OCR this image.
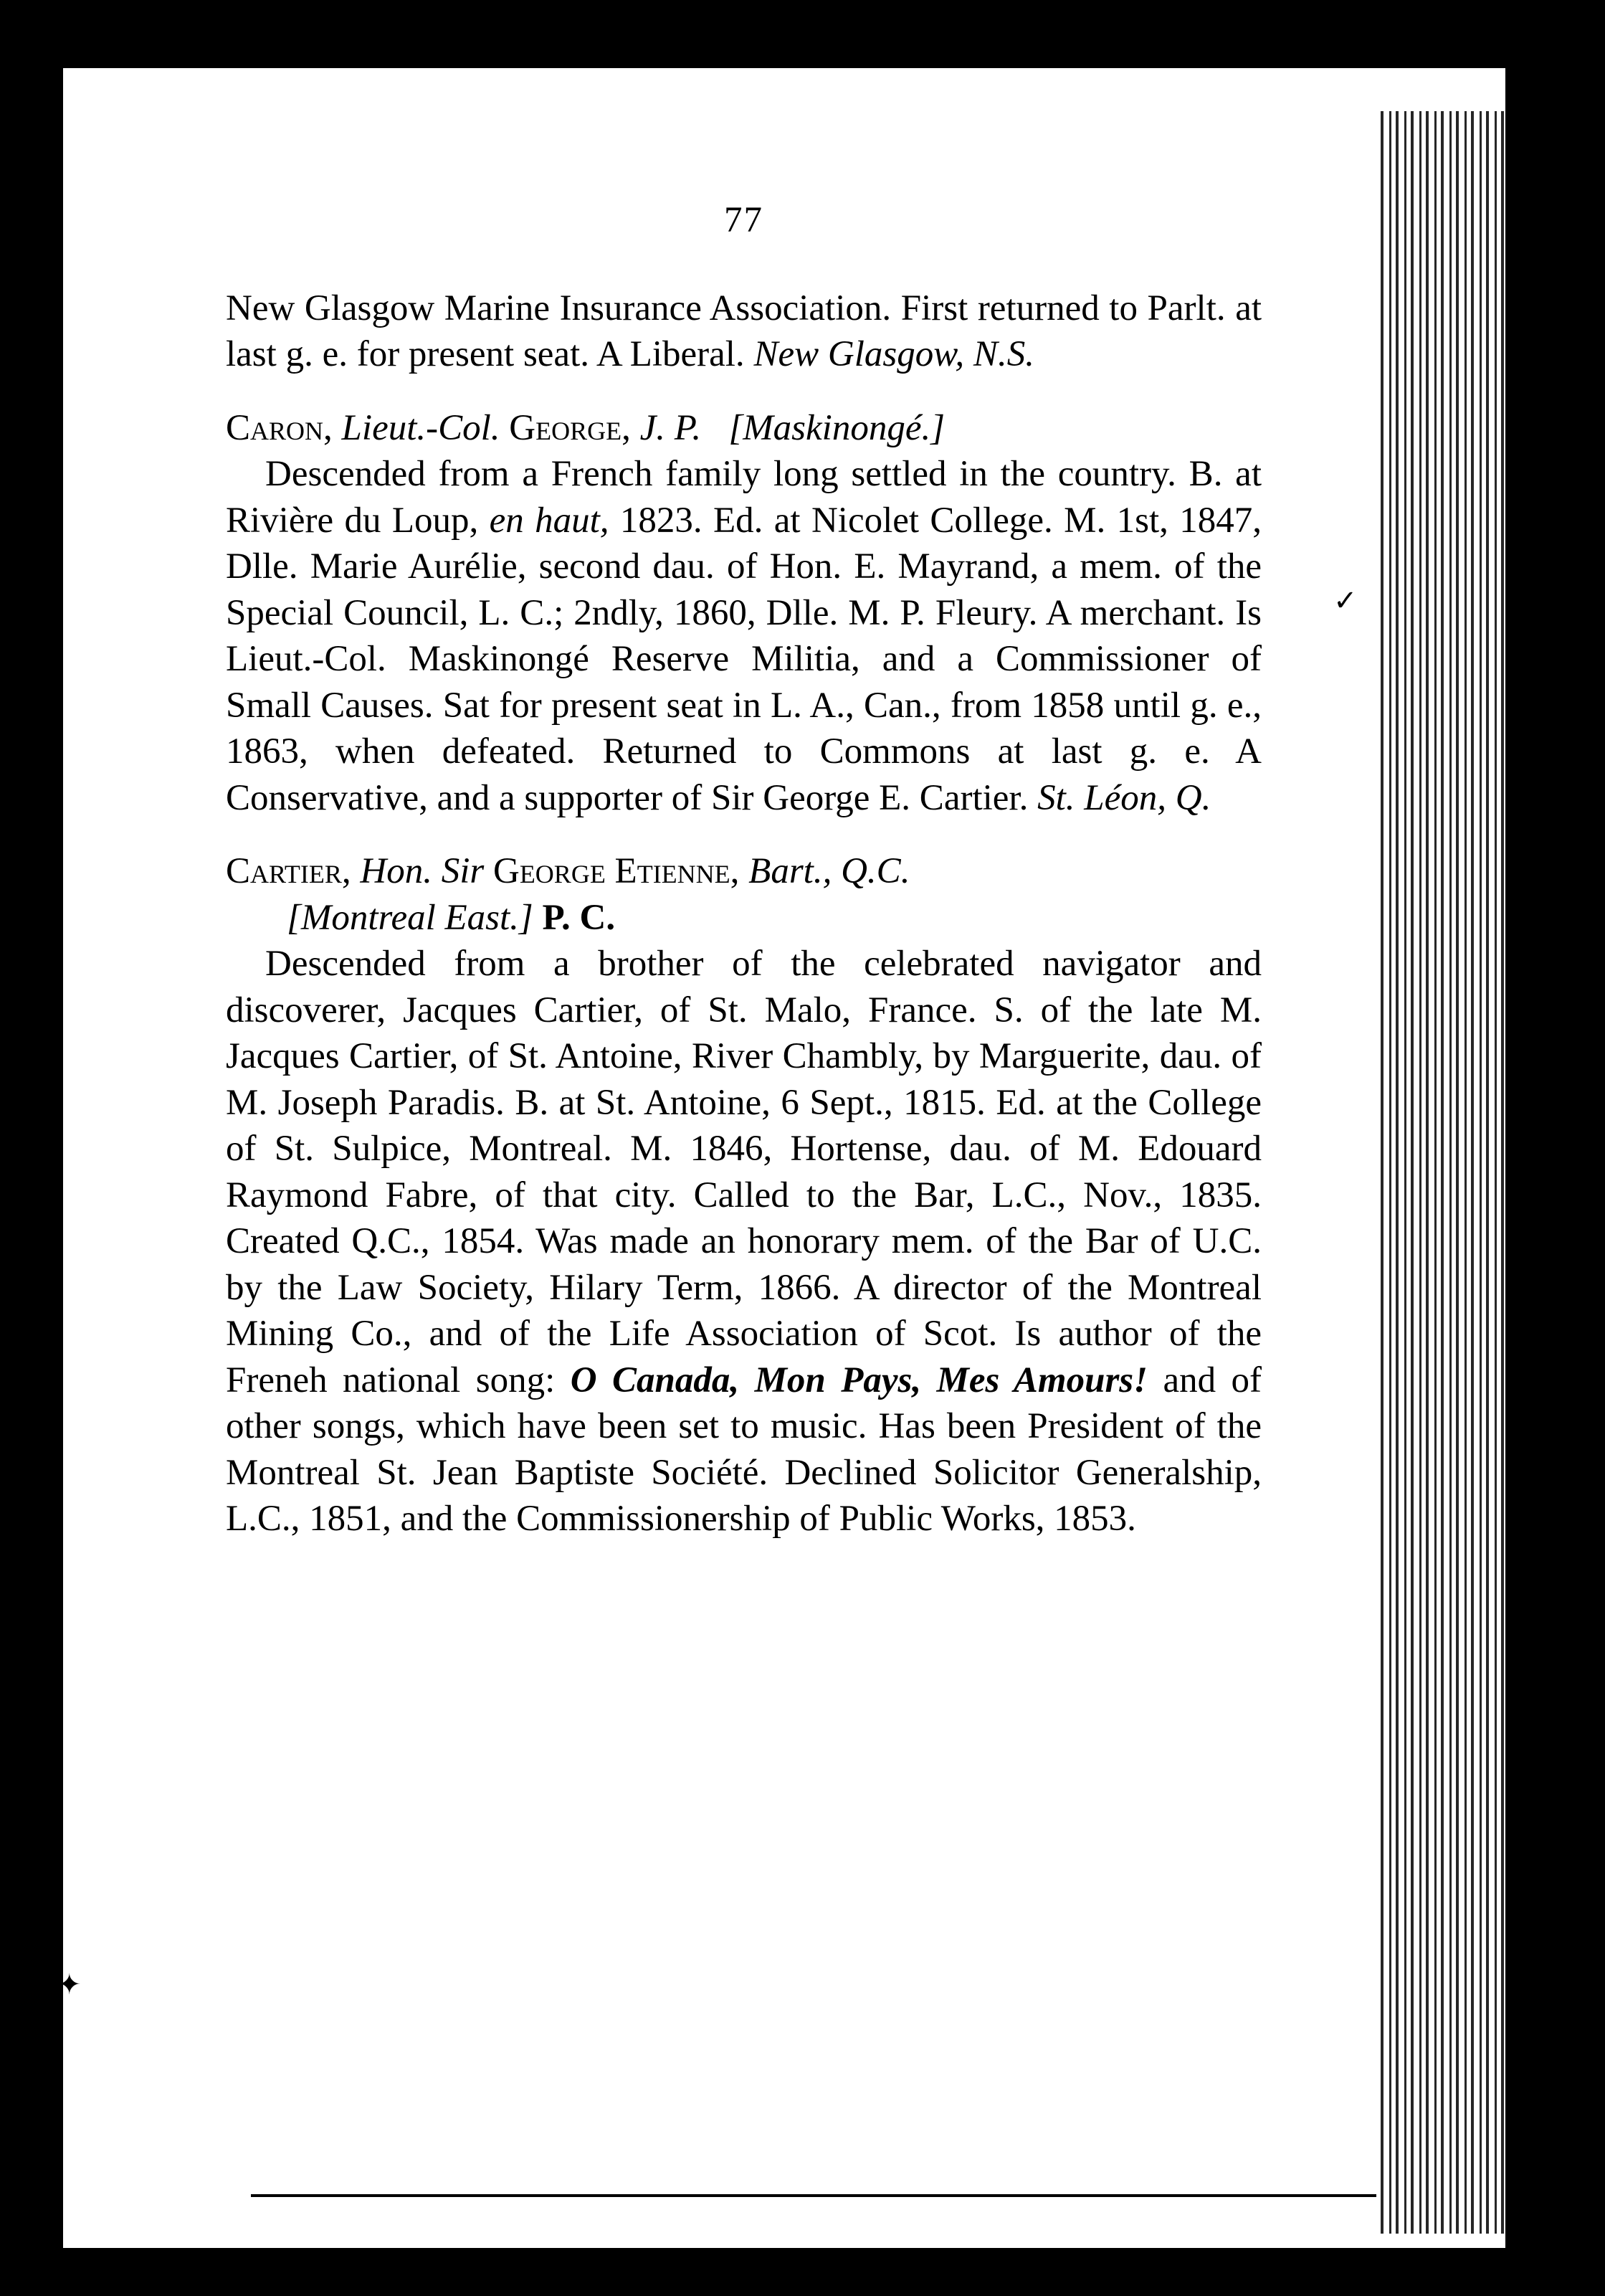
77
New Glasgow Marine Insurance Association. First returned to Parlt. at last g. e. for present seat. A Liberal. New Glasgow, N.S.
Caron, Lieut.-Col. George, J. P. [Maskinongé.]
Descended from a French family long settled in the country. B. at Rivière du Loup, en haut, 1823. Ed. at Nicolet College. M. 1st, 1847, Dlle. Marie Aurélie, second dau. of Hon. E. Mayrand, a mem. of the Special Council, L. C.; 2ndly, 1860, Dlle. M. P. Fleury. A merchant. Is Lieut.-Col. Maskinongé Reserve Militia, and a Commissioner of Small Causes. Sat for present seat in L. A., Can., from 1858 until g. e., 1863, when defeated. Returned to Commons at last g. e. A Conservative, and a supporter of Sir George E. Cartier. St. Léon, Q.
Cartier, Hon. Sir George Etienne, Bart., Q.C.
[Montreal East.] P. C.
Descended from a brother of the celebrated navigator and discoverer, Jacques Cartier, of St. Malo, France. S. of the late M. Jacques Cartier, of St. Antoine, River Chambly, by Marguerite, dau. of M. Joseph Paradis. B. at St. Antoine, 6 Sept., 1815. Ed. at the College of St. Sulpice, Montreal. M. 1846, Hortense, dau. of M. Edouard Raymond Fabre, of that city. Called to the Bar, L.C., Nov., 1835. Created Q.C., 1854. Was made an honorary mem. of the Bar of U.C. by the Law Society, Hilary Term, 1866. A director of the Montreal Mining Co., and of the Life Association of Scot. Is author of the Freneh national song: O Canada, Mon Pays, Mes Amours! and of other songs, which have been set to music. Has been President of the Montreal St. Jean Baptiste Société. Declined Solicitor Generalship, L.C., 1851, and the Commissionership of Public Works, 1853.
✓
✦
